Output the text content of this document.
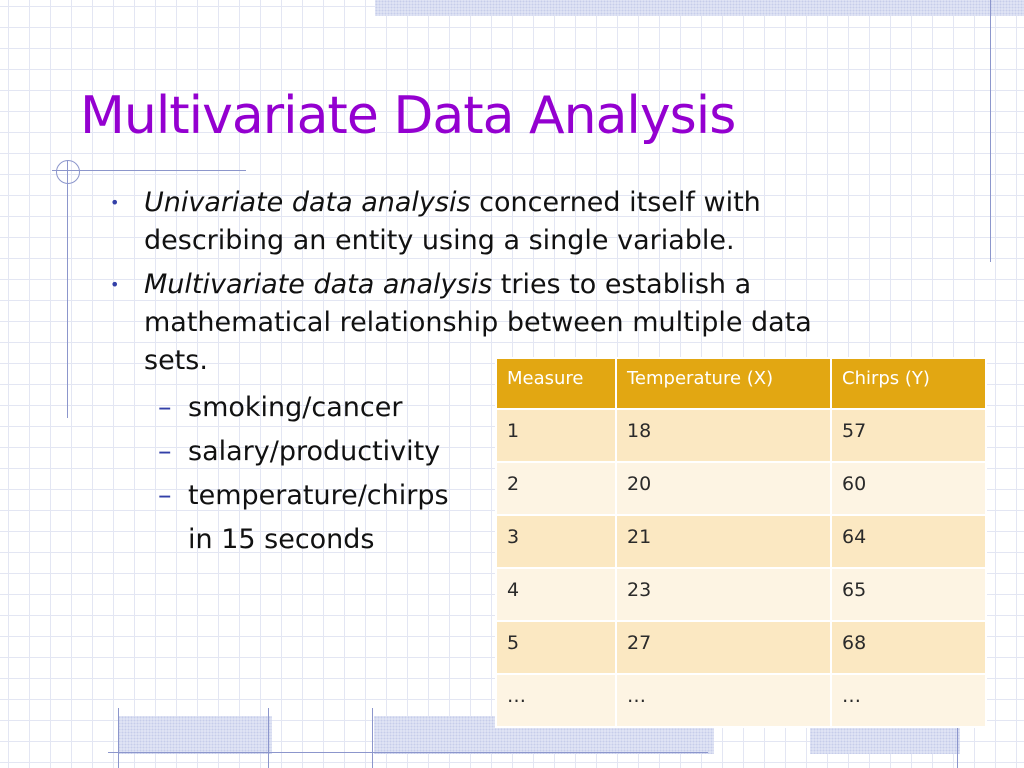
Multivariate Data Analysis
• Univariate data analysis concerned itself with describing an entity using a single variable.
• Multivariate data analysis tries to establish a mathematical relationship between multiple data sets.
– smoking/cancer
– salary/productivity
– temperature/chirps
in 15 seconds
Measure	Temperature (X)	Chirps (Y)
1	18	57
2	20	60
3	21	64
4	23	65
5	27	68
…	…	…
